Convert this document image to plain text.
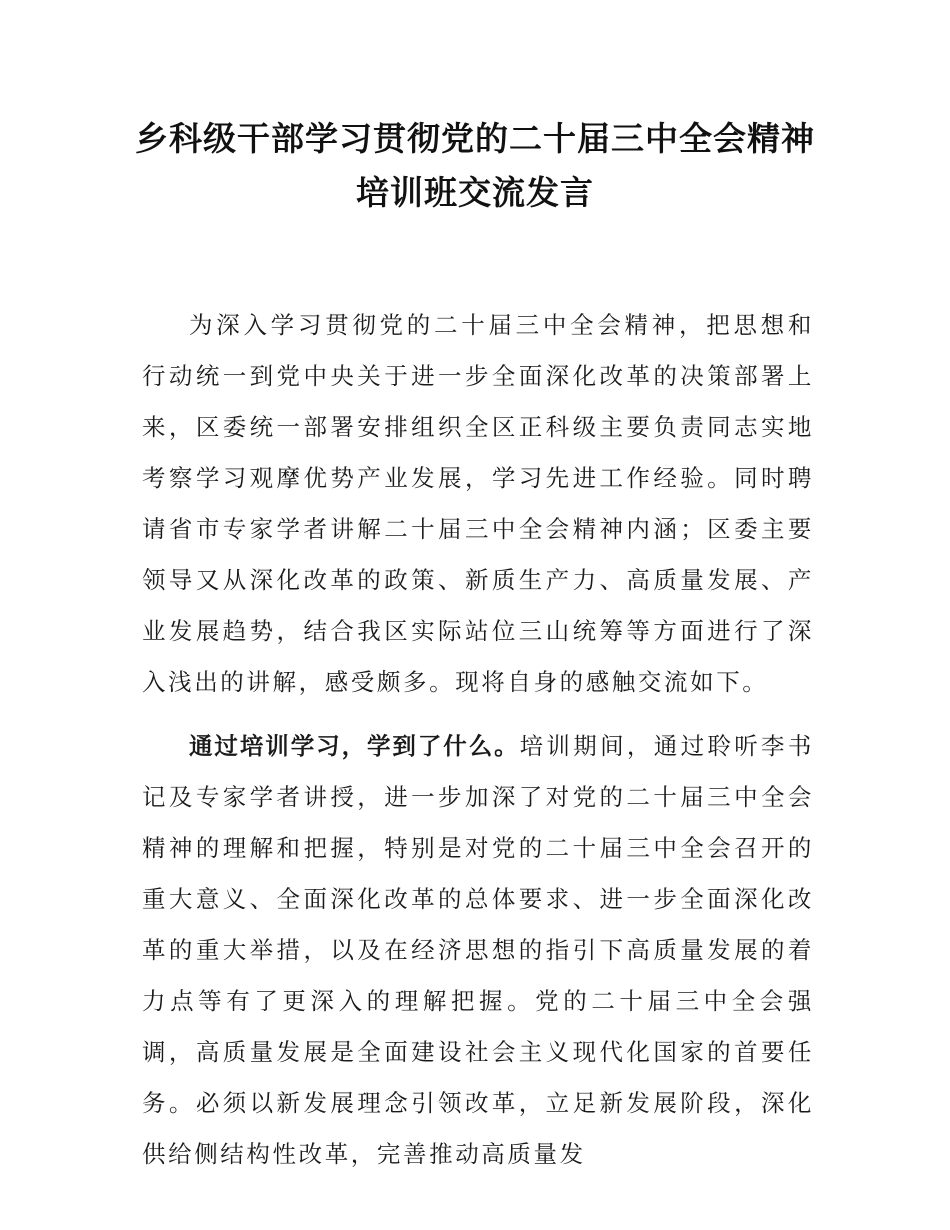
乡科级干部学习贯彻党的二十届三中全会精神培训班交流发言

为深入学习贯彻党的二十届三中全会精神，把思想和行动统一到党中央关于进一步全面深化改革的决策部署上来，区委统一部署安排组织全区正科级主要负责同志实地考察学习观摩优势产业发展，学习先进工作经验。同时聘请省市专家学者讲解二十届三中全会精神内涵；区委主要领导又从深化改革的政策、新质生产力、高质量发展、产业发展趋势，结合我区实际站位三山统筹等方面进行了深入浅出的讲解，感受颇多。现将自身的感触交流如下。

通过培训学习，学到了什么。培训期间，通过聆听李书记及专家学者讲授，进一步加深了对党的二十届三中全会精神的理解和把握，特别是对党的二十届三中全会召开的重大意义、全面深化改革的总体要求、进一步全面深化改革的重大举措，以及在经济思想的指引下高质量发展的着力点等有了更深入的理解把握。党的二十届三中全会强调，高质量发展是全面建设社会主义现代化国家的首要任务。必须以新发展理念引领改革，立足新发展阶段，深化供给侧结构性改革，完善推动高质量发
